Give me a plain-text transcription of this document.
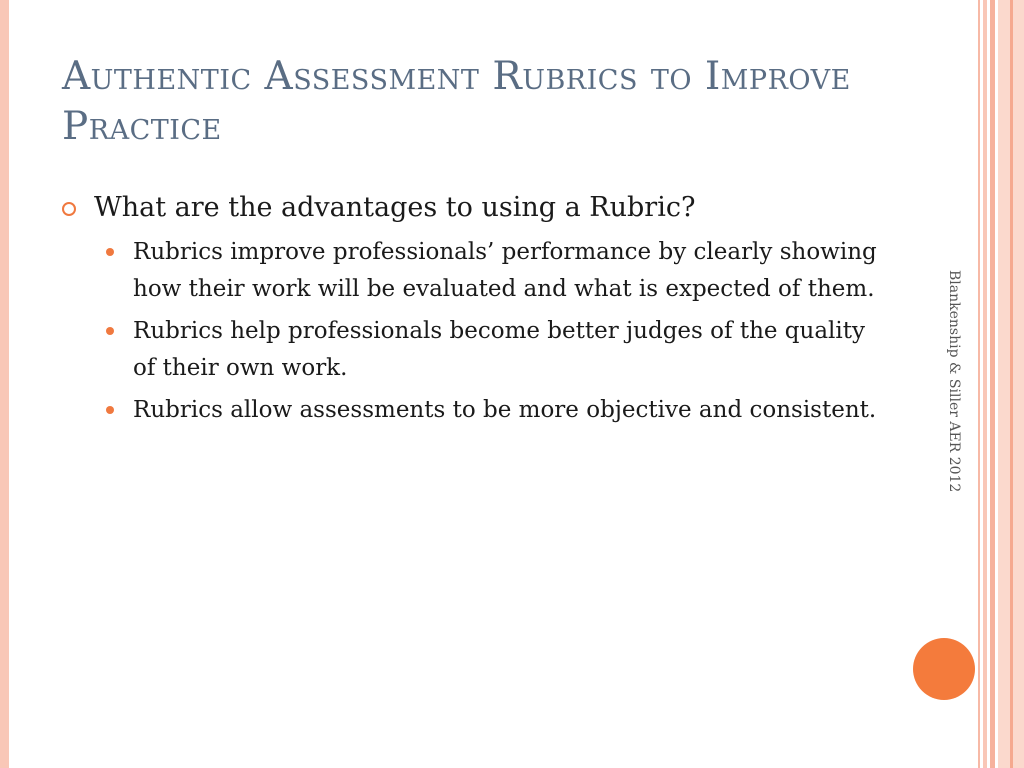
Authentic Assessment Rubrics to Improve Practice
What are the advantages to using a Rubric?
Rubrics improve professionals’ performance by clearly showing how their work will be evaluated and what is expected of them.
Rubrics help professionals become better judges of the quality of their own work.
Rubrics allow assessments to be more objective and consistent.	Blankenship & Siller AER 2012
